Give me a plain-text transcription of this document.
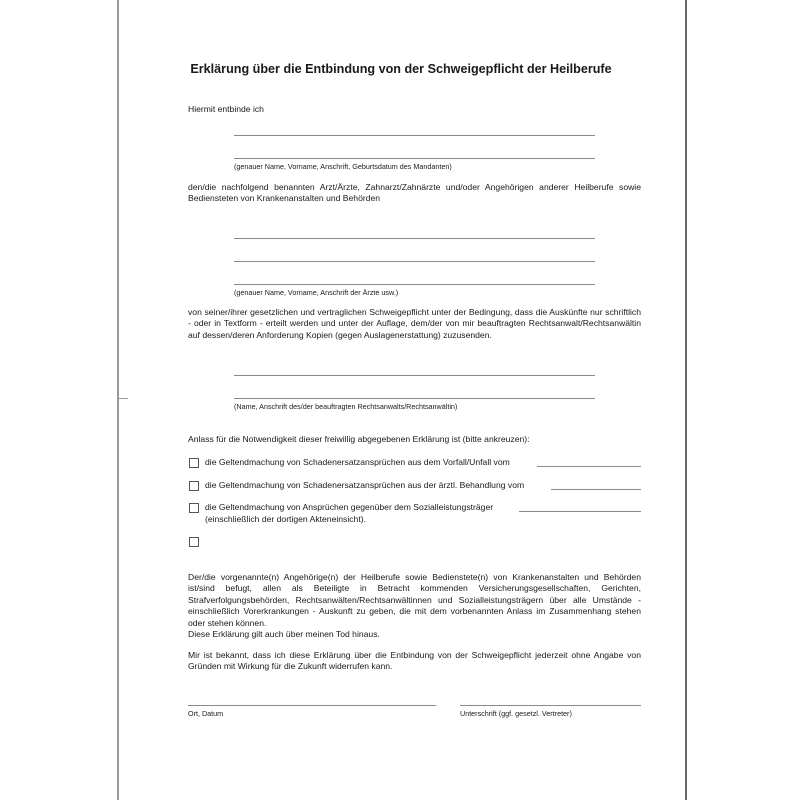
Erklärung über die Entbindung von der Schweigepflicht der Heilberufe
Hiermit entbinde ich
(genauer Name, Vorname, Anschrift, Geburtsdatum des Mandanten)
den/die nachfolgend benannten Arzt/Ärzte, Zahnarzt/Zahnärzte und/oder Angehörigen anderer Heilberufe sowie Bediensteten von Krankenanstalten und Behörden
(genauer Name, Vorname, Anschrift der Ärzte usw.)
von seiner/ihrer gesetzlichen und vertraglichen Schweigepflicht unter der Bedingung, dass die Auskünfte nur schriftlich - oder in Textform - erteilt werden und unter der Auflage, dem/der von mir beauftragten Rechtsanwalt/Rechtsanwältin auf dessen/deren Anforderung Kopien (gegen Auslagenerstattung) zuzusenden.
(Name, Anschrift des/der beauftragten Rechtsanwalts/Rechtsanwältin)
Anlass für die Notwendigkeit dieser freiwillig abgegebenen Erklärung ist (bitte ankreuzen):
die Geltendmachung von Schadenersatzansprüchen aus dem Vorfall/Unfall vom
die Geltendmachung von Schadenersatzansprüchen aus der ärztl. Behandlung vom
die Geltendmachung von Ansprüchen gegenüber dem Sozialleistungsträger
(einschließlich der dortigen Akteneinsicht).
Der/die vorgenannte(n) Angehörige(n) der Heilberufe sowie Bedienstete(n) von Krankenanstalten und Behörden ist/sind befugt, allen als Beteiligte in Betracht kommenden Versicherungsgesellschaften, Gerichten, Strafverfolgungsbehörden, Rechtsanwälten/Rechtsanwältinnen und Sozialleistungsträgern über alle Umstände - einschließlich Vorerkrankungen - Auskunft zu geben, die mit dem vorbenannten Anlass im Zusammenhang stehen oder stehen können.
Diese Erklärung gilt auch über meinen Tod hinaus.
Mir ist bekannt, dass ich diese Erklärung über die Entbindung von der Schweigepflicht jederzeit ohne Angabe von Gründen mit Wirkung für die Zukunft widerrufen kann.
Ort, Datum	Unterschrift (ggf. gesetzl. Vertreter)
